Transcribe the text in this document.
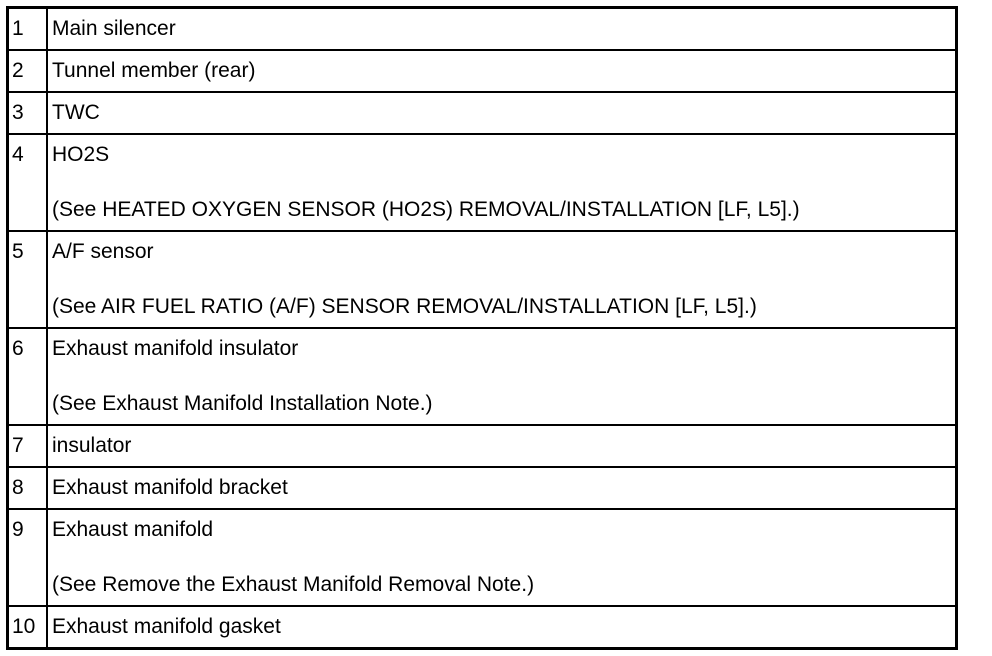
1	Main silencer
2	Tunnel member (rear)
3	TWC
4	HO2S
(See HEATED OXYGEN SENSOR (HO2S) REMOVAL/INSTALLATION [LF, L5].)

5	A/F sensor
(See AIR FUEL RATIO (A/F) SENSOR REMOVAL/INSTALLATION [LF, L5].)

6	Exhaust manifold insulator
(See Exhaust Manifold Installation Note.)

7	insulator
8	Exhaust manifold bracket
9	Exhaust manifold
(See Remove the Exhaust Manifold Removal Note.)

10	Exhaust manifold gasket
